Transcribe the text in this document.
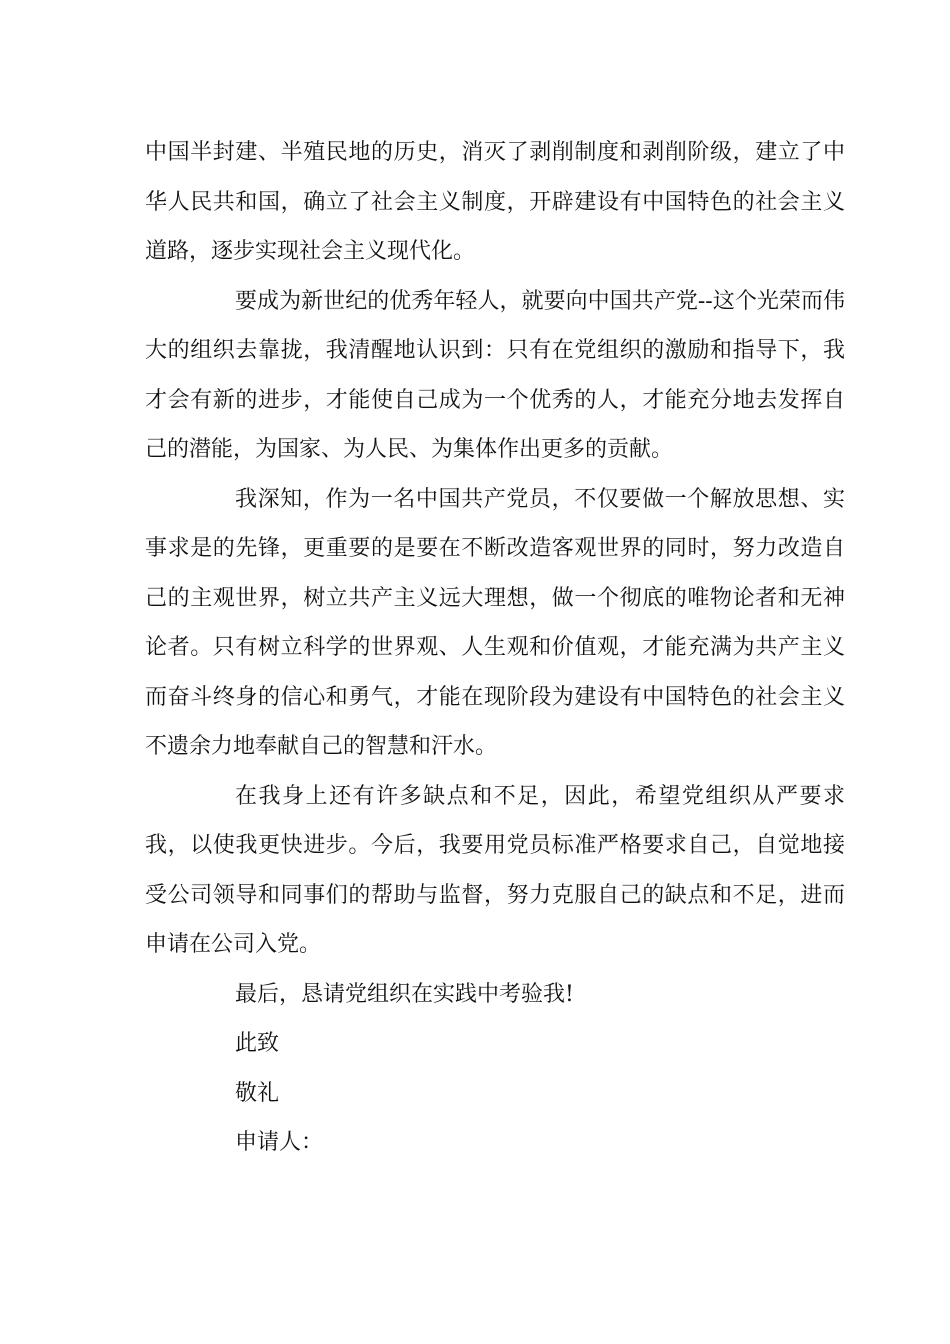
中国半封建、半殖民地的历史，消灭了剥削制度和剥削阶级，建立了中华人民共和国，确立了社会主义制度，开辟建设有中国特色的社会主义道路，逐步实现社会主义现代化。

要成为新世纪的优秀年轻人，就要向中国共产党--这个光荣而伟大的组织去靠拢，我清醒地认识到：只有在党组织的激励和指导下，我才会有新的进步，才能使自己成为一个优秀的人，才能充分地去发挥自己的潜能，为国家、为人民、为集体作出更多的贡献。

我深知，作为一名中国共产党员，不仅要做一个解放思想、实事求是的先锋，更重要的是要在不断改造客观世界的同时，努力改造自己的主观世界，树立共产主义远大理想，做一个彻底的唯物论者和无神论者。只有树立科学的世界观、人生观和价值观，才能充满为共产主义而奋斗终身的信心和勇气，才能在现阶段为建设有中国特色的社会主义不遗余力地奉献自己的智慧和汗水。

在我身上还有许多缺点和不足，因此，希望党组织从严要求我，以使我更快进步。今后，我要用党员标准严格要求自己，自觉地接受公司领导和同事们的帮助与监督，努力克服自己的缺点和不足，进而申请在公司入党。

最后，恳请党组织在实践中考验我!

此致

敬礼

申请人：
